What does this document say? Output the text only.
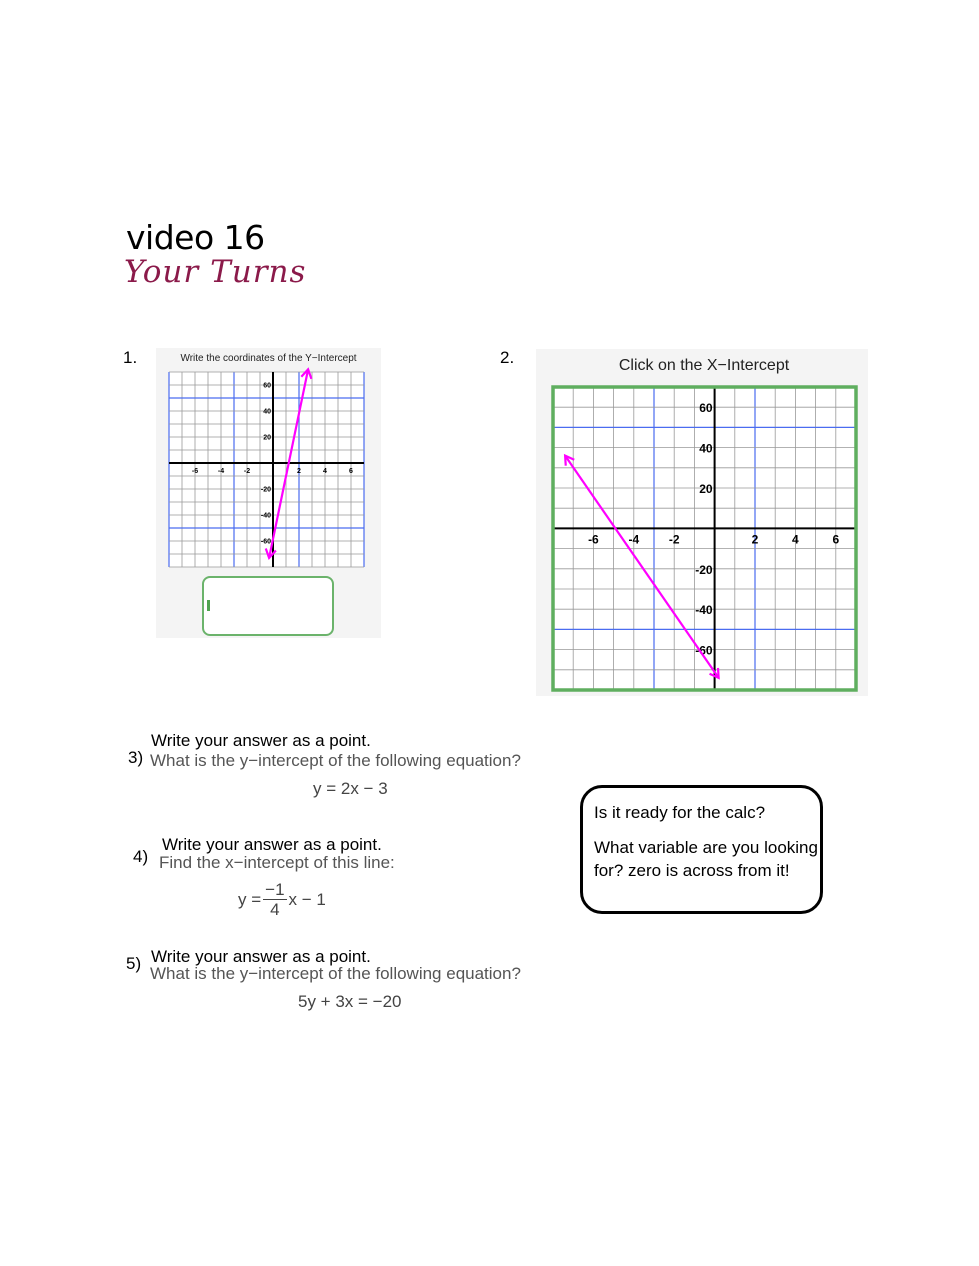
video 16
Your Turns
1.	Write the coordinates of the Y−Intercept
-6	-4	-2	2	4	6
60
40
20
-20
-40
-60
2.	Click on the X−Intercept
-6 -4 -2	2	4	6
60
40
20
-20
-40
-60
Write your answer as a point.
3) What is the y−intercept of the following equation?
y = 2x − 3
Write your answer as a point.
4) Find the x−intercept of this line:
$y = \frac{-1}{4}$ x − 1
Write your answer as a point.
5)
What is the y−intercept of the following equation?
5y + 3x = −20
Is it ready for the calc?
What variable are you looking for? zero is across from it!
